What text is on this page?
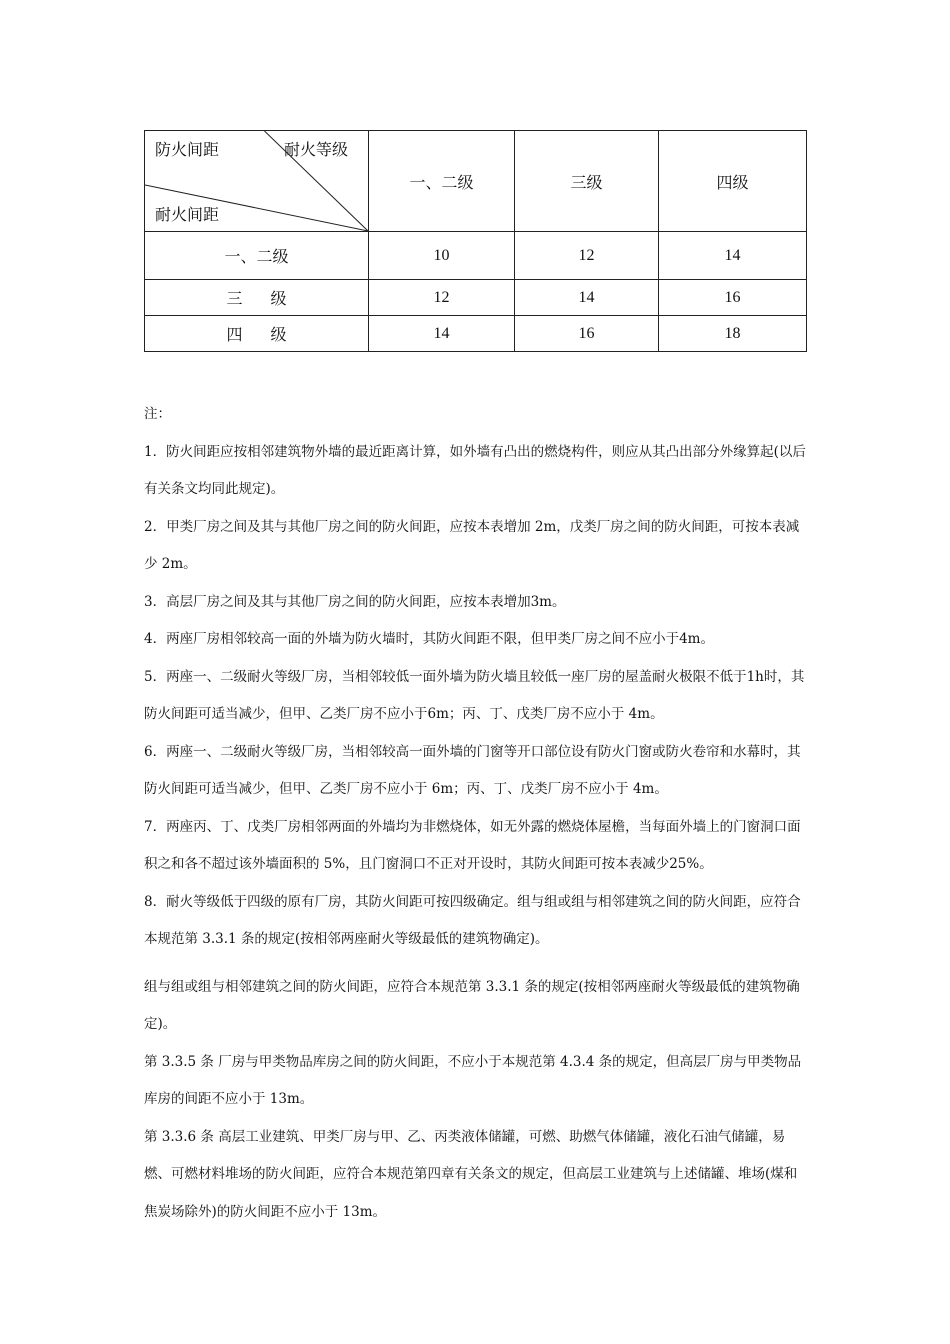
防火间距 耐火等级
耐火间距	一、二级	三级	四级
一、二级	10	12	14
三级	12	14	16
四级	14	16	18

注：

1．防火间距应按相邻建筑物外墙的最近距离计算，如外墙有凸出的燃烧构件，则应从其凸出部分外缘算起(以后有关条文均同此规定)。

2．甲类厂房之间及其与其他厂房之间的防火间距，应按本表增加 2m，戊类厂房之间的防火间距，可按本表减少 2m。

3．高层厂房之间及其与其他厂房之间的防火间距，应按本表增加3m。

4．两座厂房相邻较高一面的外墙为防火墙时，其防火间距不限，但甲类厂房之间不应小于4m。

5．两座一、二级耐火等级厂房，当相邻较低一面外墙为防火墙且较低一座厂房的屋盖耐火极限不低于1h时，其防火间距可适当减少，但甲、乙类厂房不应小于6m；丙、丁、戊类厂房不应小于 4m。

6．两座一、二级耐火等级厂房，当相邻较高一面外墙的门窗等开口部位设有防火门窗或防火卷帘和水幕时，其防火间距可适当减少，但甲、乙类厂房不应小于 6m；丙、丁、戊类厂房不应小于 4m。

7．两座丙、丁、戊类厂房相邻两面的外墙均为非燃烧体，如无外露的燃烧体屋檐，当每面外墙上的门窗洞口面积之和各不超过该外墙面积的 5%，且门窗洞口不正对开设时，其防火间距可按本表减少25%。

8．耐火等级低于四级的原有厂房，其防火间距可按四级确定。组与组或组与相邻建筑之间的防火间距，应符合本规范第 3.3.1 条的规定(按相邻两座耐火等级最低的建筑物确定)。

组与组或组与相邻建筑之间的防火间距，应符合本规范第 3.3.1 条的规定(按相邻两座耐火等级最低的建筑物确定)。

第 3.3.5 条 厂房与甲类物品库房之间的防火间距，不应小于本规范第 4.3.4 条的规定，但高层厂房与甲类物品库房的间距不应小于 13m。

第 3.3.6 条 高层工业建筑、甲类厂房与甲、乙、丙类液体储罐，可燃、助燃气体储罐，液化石油气储罐，易燃、可燃材料堆场的防火间距，应符合本规范第四章有关条文的规定，但高层工业建筑与上述储罐、堆场(煤和焦炭场除外)的防火间距不应小于 13m。
